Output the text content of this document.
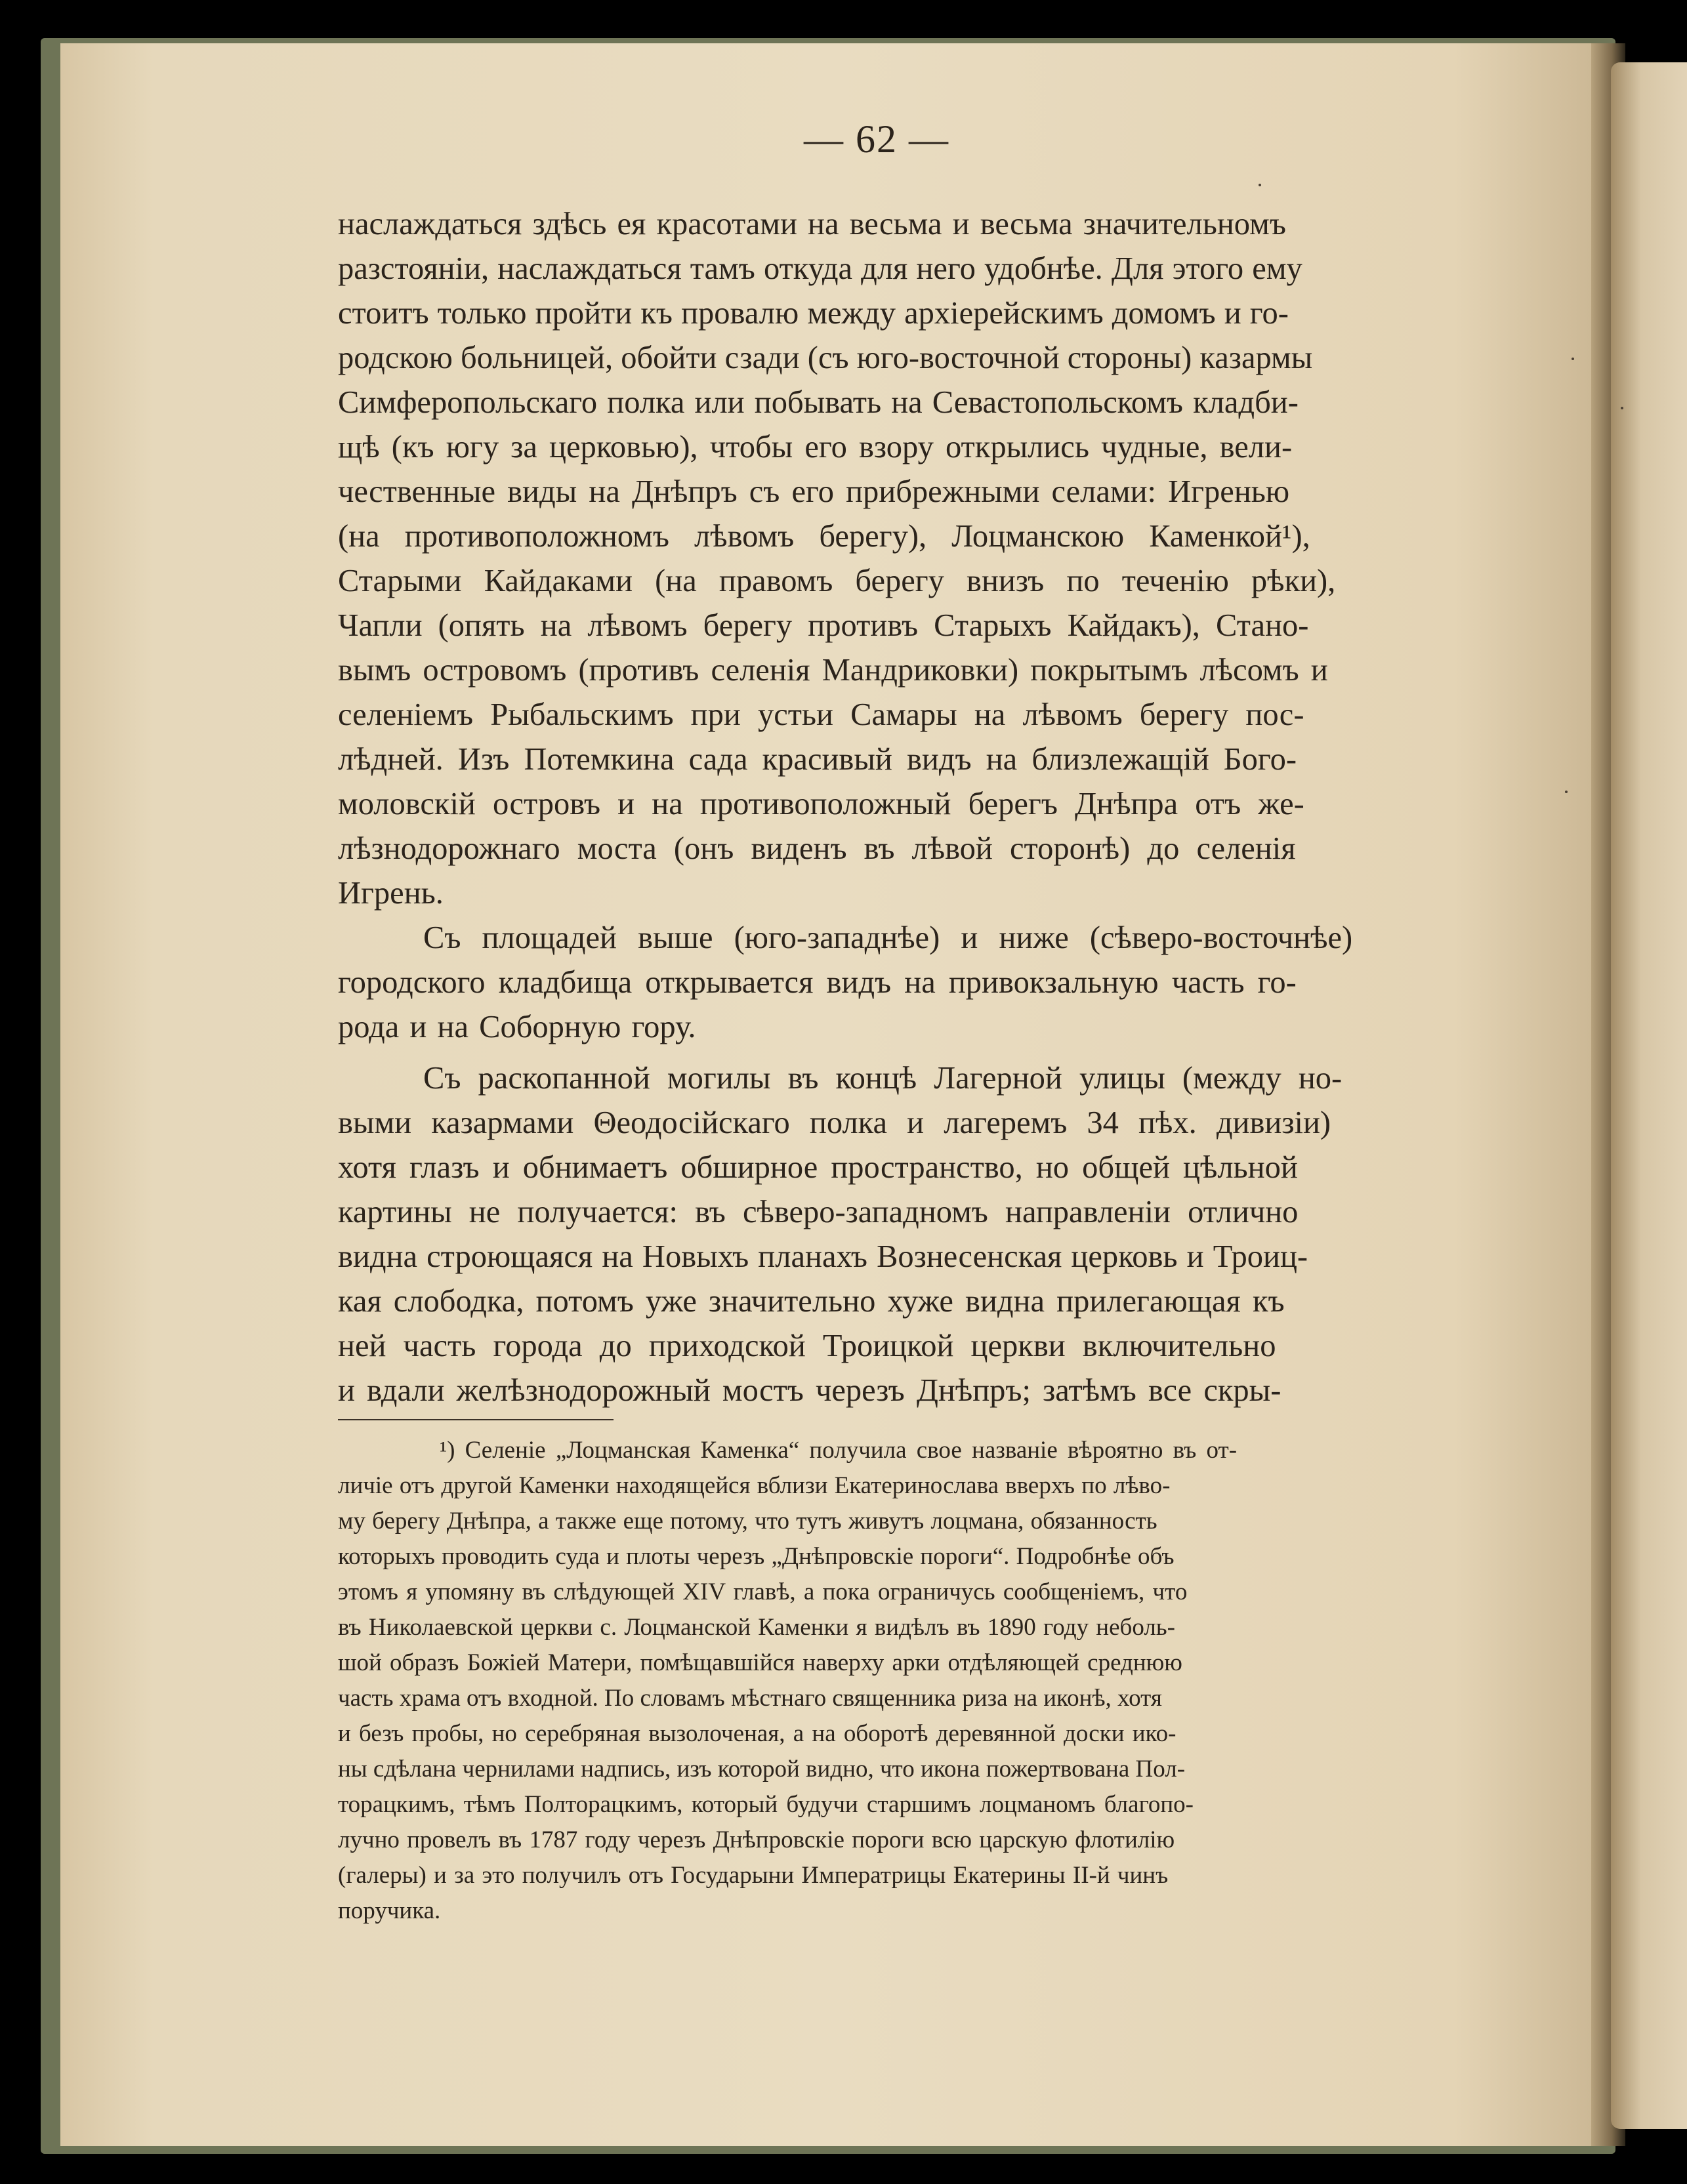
— 62 —
наслаждаться здѣсь ея красотами на весьма и весьма значительномъ
разстояніи, наслаждаться тамъ откуда для него удобнѣе. Для этого ему
стоитъ только пройти къ провалю между архіерейскимъ домомъ и го-
родскою больницей, обойти сзади (съ юго-восточной стороны) казармы
Симферопольскаго полка или побывать на Севастопольскомъ кладби-
щѣ (къ югу за церковью), чтобы его взору открылись чудные, вели-
чественные виды на Днѣпръ съ его прибрежными селами: Игренью
(на противоположномъ лѣвомъ берегу), Лоцманскою Каменкой¹),
Старыми Кайдаками (на правомъ берегу внизъ по теченію рѣки),
Чапли (опять на лѣвомъ берегу противъ Старыхъ Кайдакъ), Стано-
вымъ островомъ (противъ селенія Мандриковки) покрытымъ лѣсомъ и
селеніемъ Рыбальскимъ при устьи Самары на лѣвомъ берегу пос-
лѣдней. Изъ Потемкина сада красивый видъ на близлежащій Бого-
моловскій островъ и на противоположный берегъ Днѣпра отъ же-
лѣзнодорожнаго моста (онъ виденъ въ лѣвой сторонѣ) до селенія
Игрень.
Съ площадей выше (юго-западнѣе) и ниже (сѣверо-восточнѣе)
городского кладбища открывается видъ на привокзальную часть го-
рода и на Соборную гору.
Съ раскопанной могилы въ концѣ Лагерной улицы (между но-
выми казармами Θеодосійскаго полка и лагеремъ 34 пѣх. дивизіи)
хотя глазъ и обнимаетъ обширное пространство, но общей цѣльной
картины не получается: въ сѣверо-западномъ направленіи отлично
видна строющаяся на Новыхъ планахъ Вознесенская церковь и Троиц-
кая слободка, потомъ уже значительно хуже видна прилегающая къ
ней часть города до приходской Троицкой церкви включительно
и вдали желѣзнодорожный мостъ черезъ Днѣпръ; затѣмъ все скры-
¹) Селеніе „Лоцманская Каменка“ получила свое названіе вѣроятно въ от-
личіе отъ другой Каменки находящейся вблизи Екатеринослава вверхъ по лѣво-
му берегу Днѣпра, а также еще потому, что тутъ живутъ лоцмана, обязанность
которыхъ проводить суда и плоты черезъ „Днѣпровскіе пороги“. Подробнѣе объ
этомъ я упомяну въ слѣдующей XIV главѣ, а пока ограничусь сообщеніемъ, что
въ Николаевской церкви с. Лоцманской Каменки я видѣлъ въ 1890 году неболь-
шой образъ Божіей Матери, помѣщавшійся наверху арки отдѣляющей среднюю
часть храма отъ входной. По словамъ мѣстнаго священника риза на иконѣ, хотя
и безъ пробы, но серебряная вызолоченая, а на оборотѣ деревянной доски ико-
ны сдѣлана чернилами надпись, изъ которой видно, что икона пожертвована Пол-
торацкимъ, тѣмъ Полторацкимъ, который будучи старшимъ лоцманомъ благопо-
лучно провелъ въ 1787 году черезъ Днѣпровскіе пороги всю царскую флотилію
(галеры) и за это получилъ отъ Государыни Императрицы Екатерины II-й чинъ
поручика.
